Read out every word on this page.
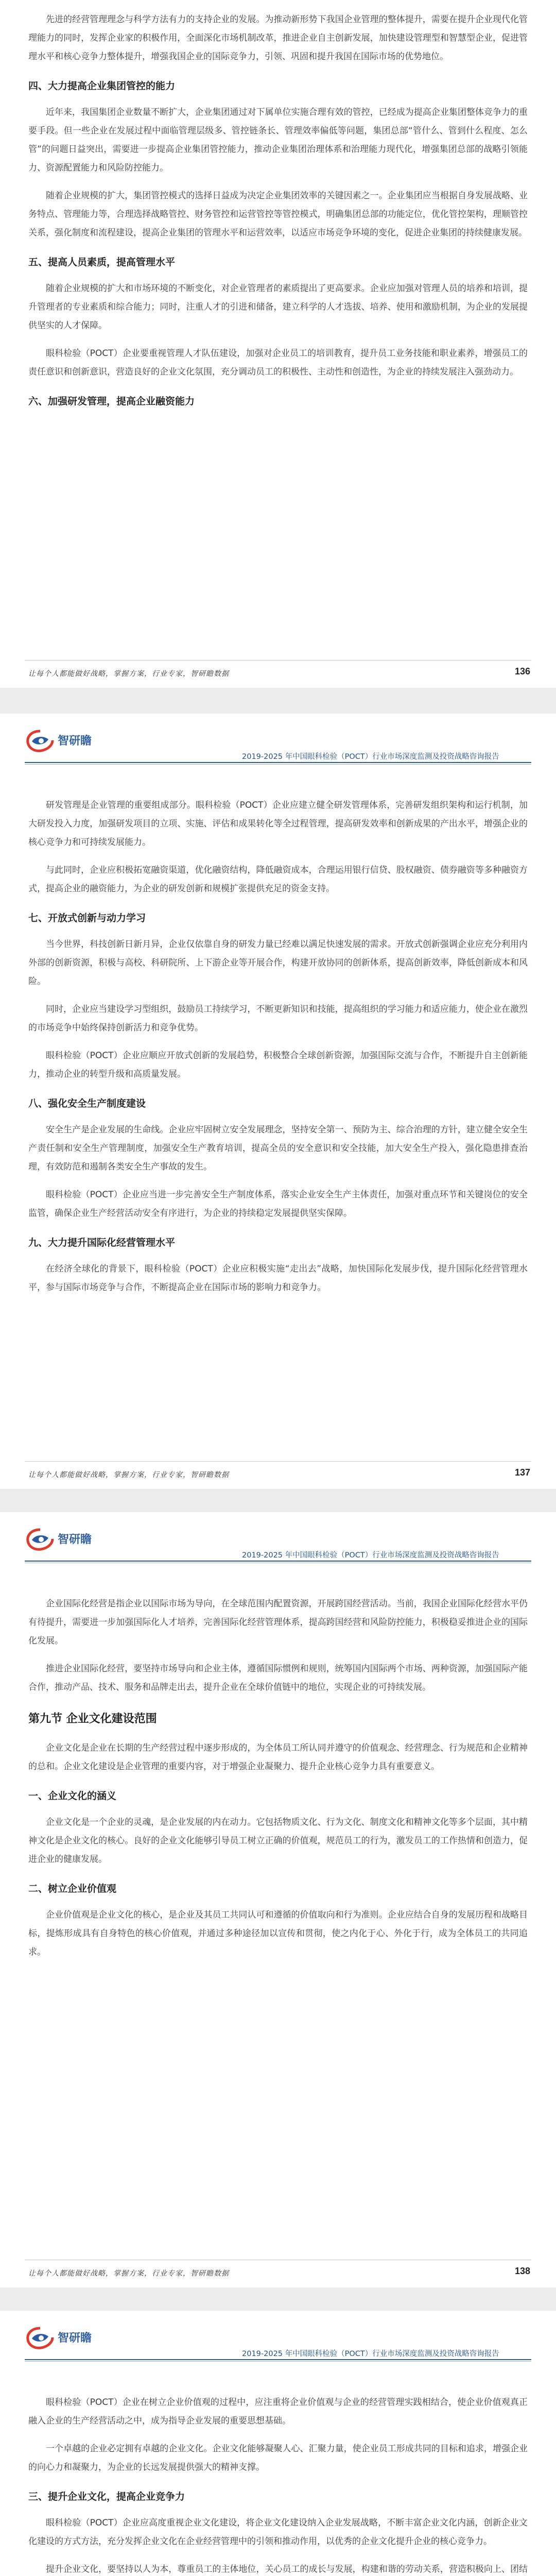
先进的经营管理理念与科学方法有力的支持企业的发展。为推动新形势下我国企业管理的整体提升，需要在提升企业现代化管理能力的同时，发挥企业家的积极作用，全面深化市场机制改革，推进企业自主创新发展，加快建设管理型和智慧型企业，促进管理水平和核心竞争力整体提升，增强我国企业的国际竞争力，引领、巩固和提升我国在国际市场的优势地位。

四、大力提高企业集团管控的能力

近年来，我国集团企业数量不断扩大，企业集团通过对下属单位实施合理有效的管控，已经成为提高企业集团整体竞争力的重要手段。但一些企业在发展过程中面临管理层级多、管控链条长、管理效率偏低等问题，集团总部“管什么、管到什么程度、怎么管”的问题日益突出，需要进一步提高企业集团管控能力，推动企业集团治理体系和治理能力现代化，增强集团总部的战略引领能力、资源配置能力和风险防控能力。

随着企业规模的扩大，集团管控模式的选择日益成为决定企业集团效率的关键因素之一。企业集团应当根据自身发展战略、业务特点、管理能力等，合理选择战略管控、财务管控和运营管控等管控模式，明确集团总部的功能定位，优化管控架构，理顺管控关系，强化制度和流程建设，提高企业集团的管理水平和运营效率，以适应市场竞争环境的变化，促进企业集团的持续健康发展。

五、提高人员素质，提高管理水平

随着企业规模的扩大和市场环境的不断变化，对企业管理者的素质提出了更高要求。企业应加强对管理人员的培养和培训，提升管理者的专业素质和综合能力；同时，注重人才的引进和储备，建立科学的人才选拔、培养、使用和激励机制，为企业的发展提供坚实的人才保障。

眼科检验（POCT）企业要重视管理人才队伍建设，加强对企业员工的培训教育，提升员工业务技能和职业素养，增强员工的责任意识和创新意识，营造良好的企业文化氛围，充分调动员工的积极性、主动性和创造性，为企业的持续发展注入强劲动力。

六、加强研发管理，提高企业融资能力
让每个人都能做好战略，掌握方案，行业专家，智研瞻数据	136
智研瞻
2019-2025 年中国眼科检验（POCT）行业市场深度监测及投资战略咨询报告

研发管理是企业管理的重要组成部分。眼科检验（POCT）企业应建立健全研发管理体系，完善研发组织架构和运行机制，加大研发投入力度，加强研发项目的立项、实施、评估和成果转化等全过程管理，提高研发效率和创新成果的产出水平，增强企业的核心竞争力和可持续发展能力。

与此同时，企业应积极拓宽融资渠道，优化融资结构，降低融资成本，合理运用银行信贷、股权融资、债券融资等多种融资方式，提高企业的融资能力，为企业的研发创新和规模扩张提供充足的资金支持。

七、开放式创新与动力学习

当今世界，科技创新日新月异，企业仅依靠自身的研发力量已经难以满足快速发展的需求。开放式创新强调企业应充分利用内外部的创新资源，积极与高校、科研院所、上下游企业等开展合作，构建开放协同的创新体系，提高创新效率，降低创新成本和风险。

同时，企业应当建设学习型组织，鼓励员工持续学习，不断更新知识和技能，提高组织的学习能力和适应能力，使企业在激烈的市场竞争中始终保持创新活力和竞争优势。

眼科检验（POCT）企业应顺应开放式创新的发展趋势，积极整合全球创新资源，加强国际交流与合作，不断提升自主创新能力，推动企业的转型升级和高质量发展。

八、强化安全生产制度建设

安全生产是企业发展的生命线。企业应牢固树立安全发展理念，坚持安全第一、预防为主、综合治理的方针，建立健全安全生产责任制和安全生产管理制度，加强安全生产教育培训，提高全员的安全意识和安全技能，加大安全生产投入，强化隐患排查治理，有效防范和遏制各类安全生产事故的发生。

眼科检验（POCT）企业应当进一步完善安全生产制度体系，落实企业安全生产主体责任，加强对重点环节和关键岗位的安全监管，确保企业生产经营活动安全有序进行，为企业的持续稳定发展提供坚实保障。

九、大力提升国际化经营管理水平

在经济全球化的背景下，眼科检验（POCT）企业应积极实施“走出去”战略，加快国际化发展步伐，提升国际化经营管理水平，参与国际市场竞争与合作，不断提高企业在国际市场的影响力和竞争力。

让每个人都能做好战略，掌握方案，行业专家，智研瞻数据	137
智研瞻
2019-2025 年中国眼科检验（POCT）行业市场深度监测及投资战略咨询报告

企业国际化经营是指企业以国际市场为导向，在全球范围内配置资源，开展跨国经营活动。当前，我国企业国际化经营水平仍有待提升，需要进一步加强国际化人才培养，完善国际化经营管理体系，提高跨国经营和风险防控能力，积极稳妥推进企业的国际化发展。

推进企业国际化经营，要坚持市场导向和企业主体，遵循国际惯例和规则，统筹国内国际两个市场、两种资源，加强国际产能合作，推动产品、技术、服务和品牌走出去，提升企业在全球价值链中的地位，实现企业的可持续发展。

第九节 企业文化建设范围

企业文化是企业在长期的生产经营过程中逐步形成的，为全体员工所认同并遵守的价值观念、经营理念、行为规范和企业精神的总和。企业文化建设是企业管理的重要内容，对于增强企业凝聚力、提升企业核心竞争力具有重要意义。

一、企业文化的涵义

企业文化是一个企业的灵魂，是企业发展的内在动力。它包括物质文化、行为文化、制度文化和精神文化等多个层面，其中精神文化是企业文化的核心。良好的企业文化能够引导员工树立正确的价值观，规范员工的行为，激发员工的工作热情和创造力，促进企业的健康发展。

二、树立企业价值观

企业价值观是企业文化的核心，是企业及其员工共同认可和遵循的价值取向和行为准则。企业应结合自身的发展历程和战略目标，提炼形成具有自身特色的核心价值观，并通过多种途径加以宣传和贯彻，使之内化于心、外化于行，成为全体员工的共同追求。

让每个人都能做好战略，掌握方案，行业专家，智研瞻数据	138
智研瞻
2019-2025 年中国眼科检验（POCT）行业市场深度监测及投资战略咨询报告

眼科检验（POCT）企业在树立企业价值观的过程中，应注重将企业价值观与企业的经营管理实践相结合，使企业价值观真正融入企业的生产经营活动之中，成为指导企业发展的重要思想基础。

一个卓越的企业必定拥有卓越的企业文化。企业文化能够凝聚人心、汇聚力量，使企业员工形成共同的目标和追求，增强企业的向心力和凝聚力，为企业的长远发展提供强大的精神支撑。

三、提升企业文化，提高企业竞争力

眼科检验（POCT）企业应高度重视企业文化建设，将企业文化建设纳入企业发展战略，不断丰富企业文化内涵，创新企业文化建设的方式方法，充分发挥企业文化在企业经营管理中的引领和推动作用，以优秀的企业文化提升企业的核心竞争力。

提升企业文化，要坚持以人为本，尊重员工的主体地位，关心员工的成长与发展，构建和谐的劳动关系，营造积极向上、团结
